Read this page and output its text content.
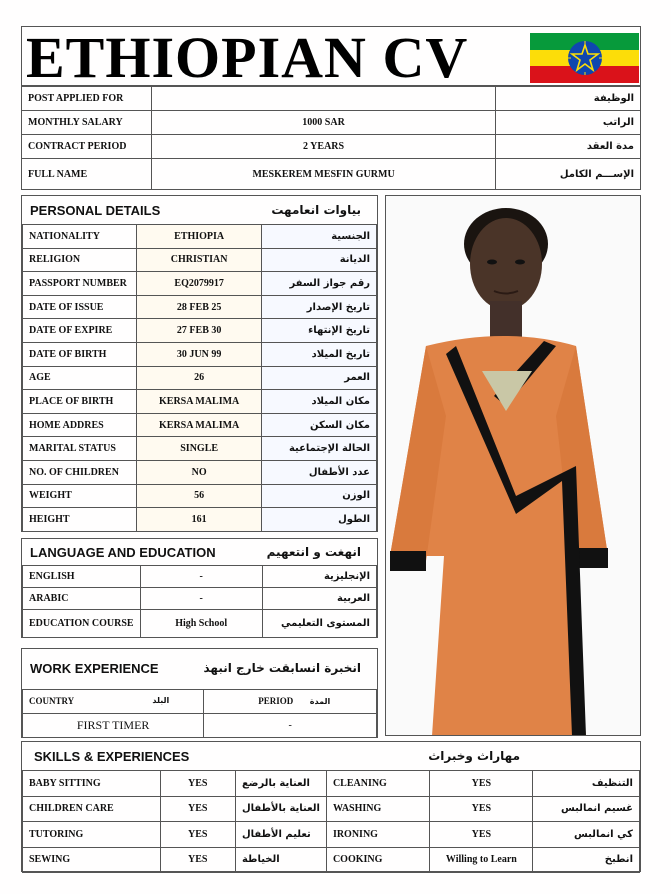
ETHIOPIAN CV
POST APPLIED FOR		الوظيفة
MONTHLY SALARY	1000 SAR	الراتب
CONTRACT PERIOD	2 YEARS	مدة العقد
FULL NAME	MESKEREM MESFIN GURMU	الإســـم الكامل
PERSONAL DETAILS	بياوات انعامهت
NATIONALITY	ETHIOPIA	الجنسية
RELIGION	CHRISTIAN	الديانة
PASSPORT NUMBER	EQ2079917	رقم جواز السفر
DATE OF ISSUE	28 FEB 25	تاريخ الإصدار
DATE OF EXPIRE	27 FEB 30	تاريخ الإنتهاء
DATE OF BIRTH	30 JUN 99	تاريخ الميلاد
AGE	26	العمر
PLACE OF BIRTH	KERSA MALIMA	مكان الميلاد
HOME ADDRES	KERSA MALIMA	مكان السكن
MARITAL STATUS	SINGLE	الحالة الإجتماعية
NO. OF CHILDREN	NO	عدد الأطفال
WEIGHT	56	الوزن
HEIGHT	161	الطول
LANGUAGE AND EDUCATION	انهغت و انتعهيم
ENGLISH	-	الإنجليزية
ARABIC	-	العربية
EDUCATION COURSE	High School	المستوى التعليمي
WORK EXPERIENCE	انخبرة انسابقت خارج انبهذ
COUNTRY البلد	PERIOD المدة
FIRST TIMER	-
SKILLS & EXPERIENCES	مهاراث وخبراث
BABY SITTING	YES	العناية بالرضع	CLEANING	YES	التنظيف
CHILDREN CARE	YES	العناية بالأطفال	WASHING	YES	غسيم انمالبس
TUTORING	YES	تعليم الأطفال	IRONING	YES	كي انمالبس
SEWING	YES	الخياطة	COOKING	Willing to Learn	انطبخ
